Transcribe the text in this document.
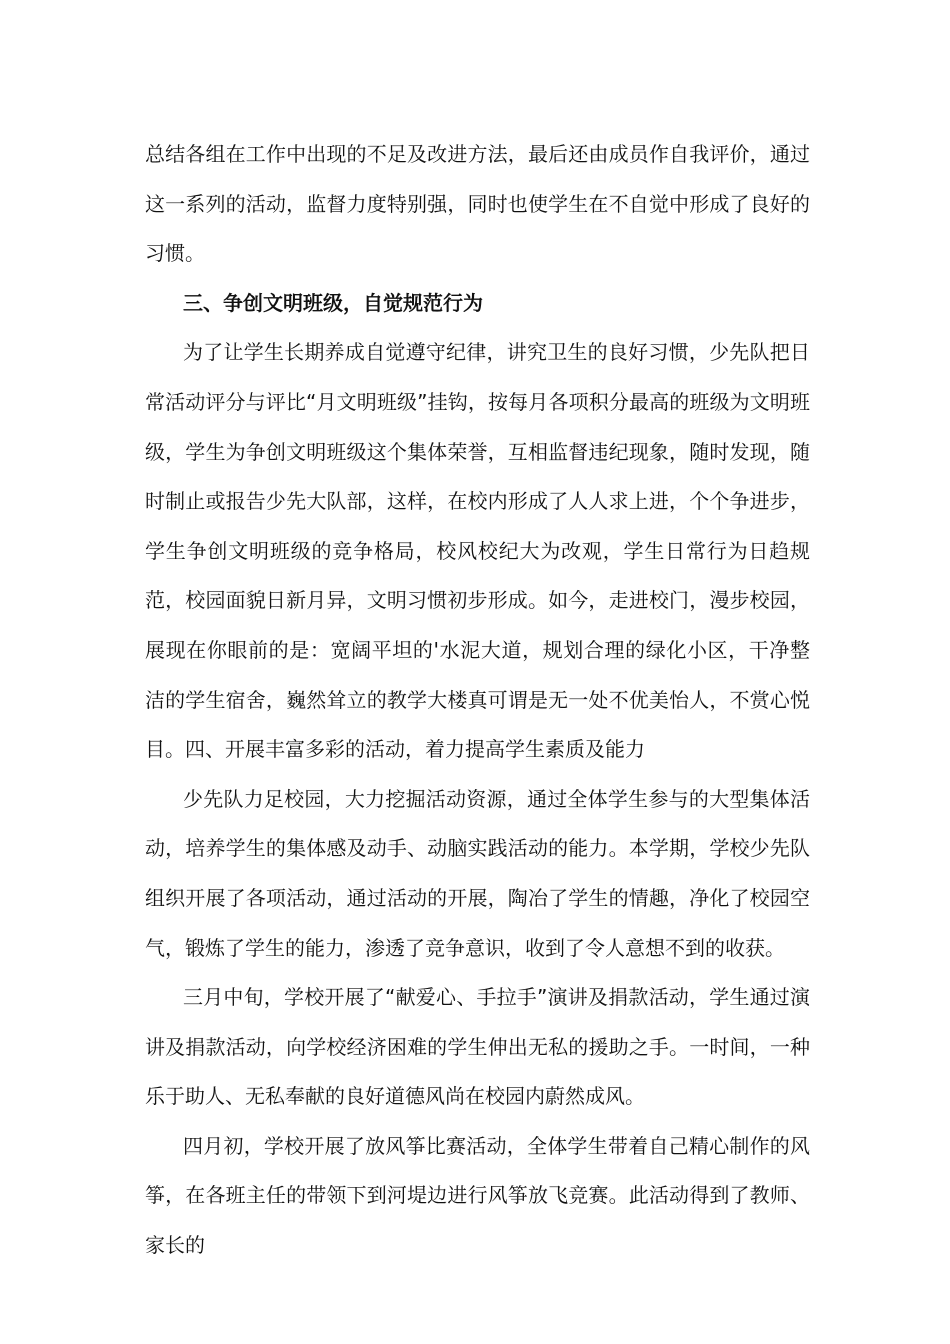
总结各组在工作中出现的不足及改进方法，最后还由成员作自我评价，通过这一系列的活动，监督力度特别强，同时也使学生在不自觉中形成了良好的习惯。

三、争创文明班级，自觉规范行为

为了让学生长期养成自觉遵守纪律，讲究卫生的良好习惯，少先队把日常活动评分与评比“月文明班级”挂钩，按每月各项积分最高的班级为文明班级，学生为争创文明班级这个集体荣誉，互相监督违纪现象，随时发现，随时制止或报告少先大队部，这样，在校内形成了人人求上进，个个争进步，学生争创文明班级的竞争格局，校风校纪大为改观，学生日常行为日趋规范，校园面貌日新月异，文明习惯初步形成。如今，走进校门，漫步校园，展现在你眼前的是：宽阔平坦的'水泥大道，规划合理的绿化小区，干净整洁的学生宿舍，巍然耸立的教学大楼真可谓是无一处不优美怡人，不赏心悦目。四、开展丰富多彩的活动，着力提高学生素质及能力

少先队力足校园，大力挖掘活动资源，通过全体学生参与的大型集体活动，培养学生的集体感及动手、动脑实践活动的能力。本学期，学校少先队组织开展了各项活动，通过活动的开展，陶冶了学生的情趣，净化了校园空气，锻炼了学生的能力，渗透了竞争意识，收到了令人意想不到的收获。

三月中旬，学校开展了“献爱心、手拉手”演讲及捐款活动，学生通过演讲及捐款活动，向学校经济困难的学生伸出无私的援助之手。一时间，一种乐于助人、无私奉献的良好道德风尚在校园内蔚然成风。

四月初，学校开展了放风筝比赛活动，全体学生带着自己精心制作的风筝，在各班主任的带领下到河堤边进行风筝放飞竞赛。此活动得到了教师、家长的
